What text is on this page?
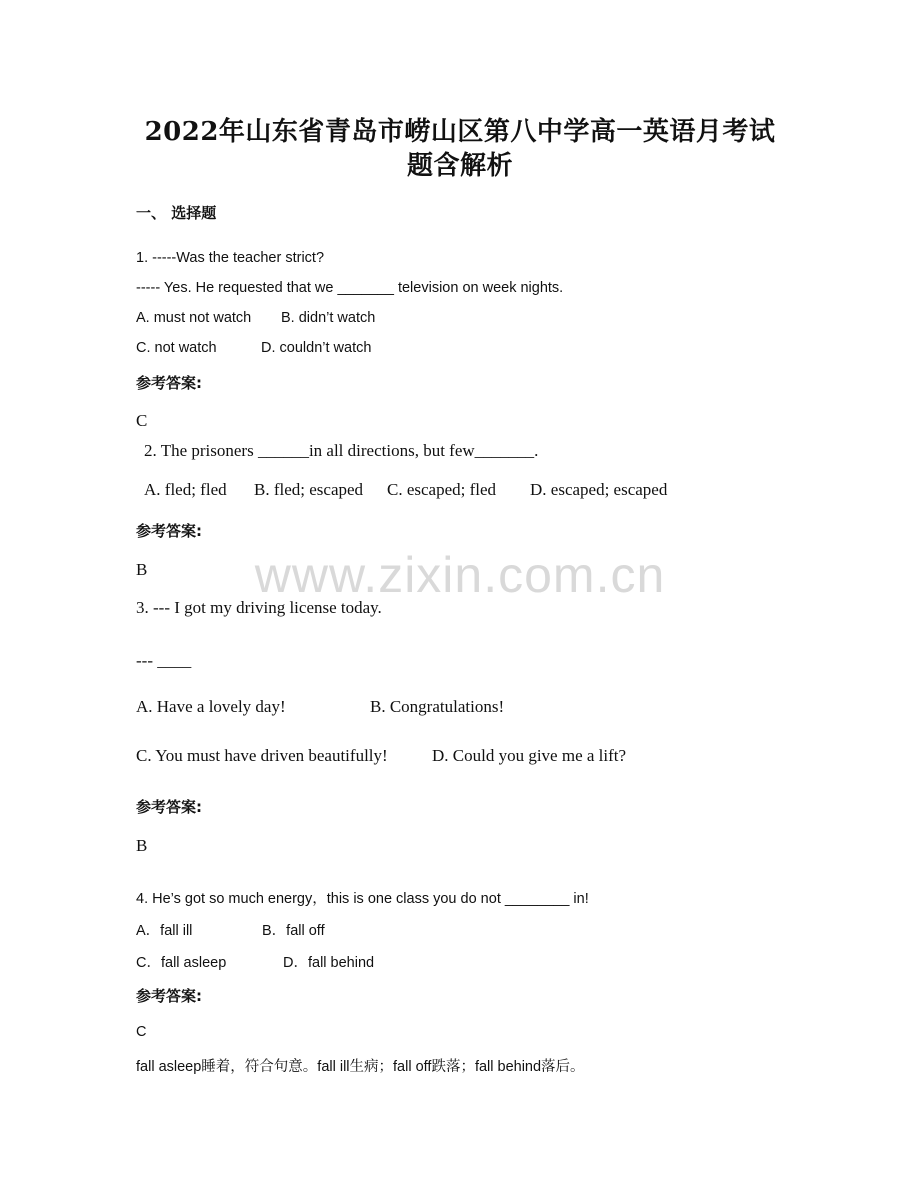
www.zixin.com.cn
2022年山东省青岛市崂山区第八中学高一英语月考试
题含解析
一、 选择题
1. -----Was the teacher strict?
----- Yes. He requested that we _______ television on week nights.
A. must not watch B. didn’t watch
C. not watch	D. couldn’t watch
参考答案:
C
2. The prisoners ______in all directions, but few_______.
A. fled; fled B. fled; escaped C. escaped; fled D. escaped; escaped
参考答案:
B
3. --- I got my driving license today.
--- ____
A. Have a lovely day!	B. Congratulations!
C. You must have driven beautifully!	D. Could you give me a lift?
参考答案:
B
4. He’s got so much energy，this is one class you do not ________ in!
A．fall ill	B．fall off
C．fall asleep	D．fall behind
参考答案:
C
fall asleep睡着，符合句意。fall ill生病；fall off跌落；fall behind落后。
